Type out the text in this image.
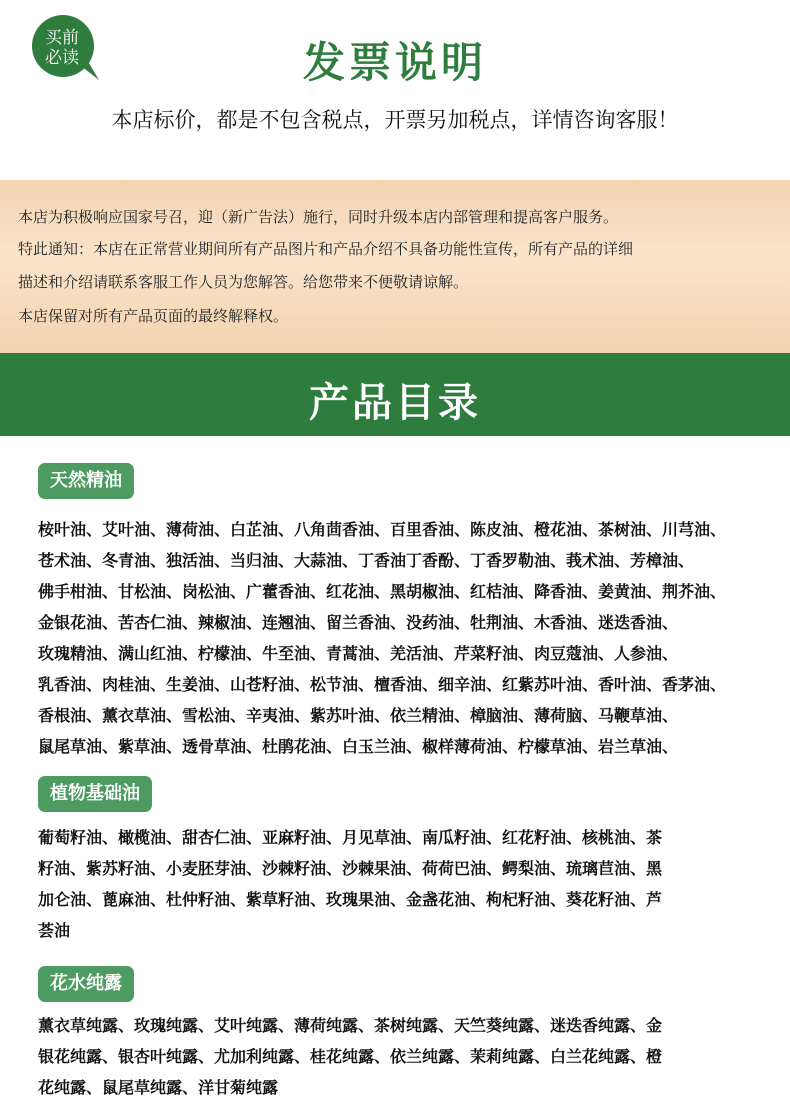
买前
必读	发票说明
本店标价，都是不包含税点，开票另加税点，详情咨询客服！

本店为积极响应国家号召，迎（新广告法）施行，同时升级本店内部管理和提高客户服务。

特此通知：本店在正常营业期间所有产品图片和产品介绍不具备功能性宣传，所有产品的详细

描述和介绍请联系客服工作人员为您解答。给您带来不便敬请谅解。

本店保留对所有产品页面的最终解释权。

产品目录
天然精油
桉叶油、艾叶油、薄荷油、白芷油、八角茴香油、百里香油、陈皮油、橙花油、茶树油、川芎油、
苍术油、冬青油、独活油、当归油、大蒜油、丁香油丁香酚、丁香罗勒油、莪术油、芳樟油、
佛手柑油、甘松油、岗松油、广藿香油、红花油、黑胡椒油、红桔油、降香油、姜黄油、荆芥油、
金银花油、苦杏仁油、辣椒油、连翘油、留兰香油、没药油、牡荆油、木香油、迷迭香油、
玫瑰精油、满山红油、柠檬油、牛至油、青蒿油、羌活油、芹菜籽油、肉豆蔻油、人参油、
乳香油、肉桂油、生姜油、山苍籽油、松节油、檀香油、细辛油、红紫苏叶油、香叶油、香茅油、
香根油、薰衣草油、雪松油、辛夷油、紫苏叶油、依兰精油、樟脑油、薄荷脑、马鞭草油、
鼠尾草油、紫草油、透骨草油、杜鹃花油、白玉兰油、椒样薄荷油、柠檬草油、岩兰草油、
植物基础油
葡萄籽油、橄榄油、甜杏仁油、亚麻籽油、月见草油、南瓜籽油、红花籽油、核桃油、茶
籽油、紫苏籽油、小麦胚芽油、沙棘籽油、沙棘果油、荷荷巴油、鳄梨油、琉璃苣油、黑
加仑油、蓖麻油、杜仲籽油、紫草籽油、玫瑰果油、金盏花油、枸杞籽油、葵花籽油、芦
荟油
花水纯露
薰衣草纯露、玫瑰纯露、艾叶纯露、薄荷纯露、茶树纯露、天竺葵纯露、迷迭香纯露、金
银花纯露、银杏叶纯露、尤加利纯露、桂花纯露、依兰纯露、茉莉纯露、白兰花纯露、橙
花纯露、鼠尾草纯露、洋甘菊纯露
